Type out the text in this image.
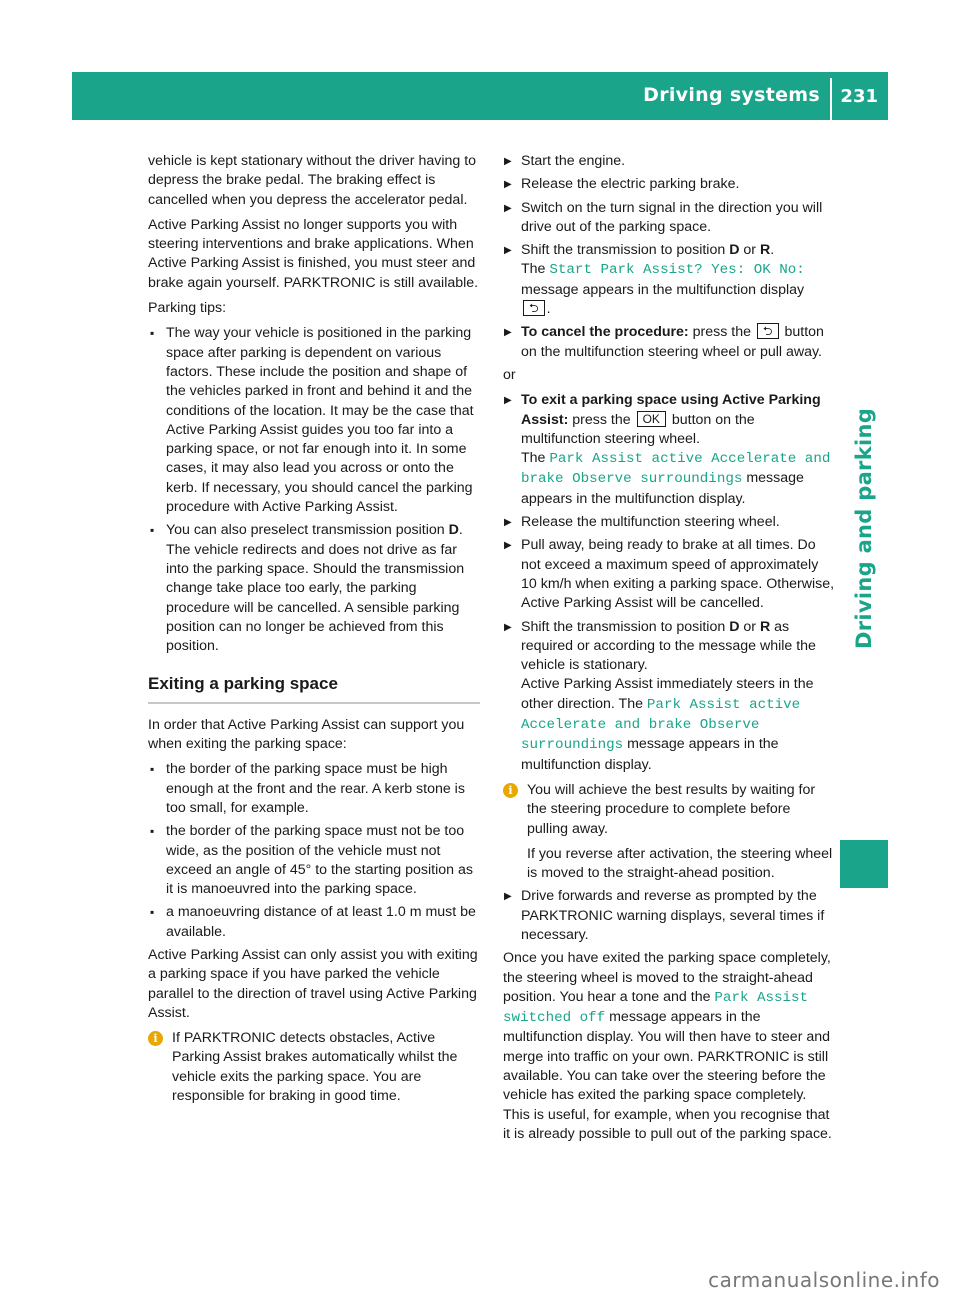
Driving systems 231
Driving and parking

vehicle is kept stationary without the driver having to depress the brake pedal. The braking effect is cancelled when you depress the accelerator pedal.

Active Parking Assist no longer supports you with steering interventions and brake applications. When Active Parking Assist is finished, you must steer and brake again yourself. PARKTRONIC is still available.

Parking tips:

▪ The way your vehicle is positioned in the parking space after parking is dependent on various factors. These include the position and shape of the vehicles parked in front and behind it and the conditions of the location. It may be the case that Active Parking Assist guides you too far into a parking space, or not far enough into it. In some cases, it may also lead you across or onto the kerb. If necessary, you should cancel the parking procedure with Active Parking Assist.
▪ You can also preselect transmission position D. The vehicle redirects and does not drive as far into the parking space. Should the transmission change take place too early, the parking procedure will be cancelled. A sensible parking position can no longer be achieved from this position.
Exiting a parking space

In order that Active Parking Assist can support you when exiting the parking space:

▪ the border of the parking space must be high enough at the front and the rear. A kerb stone is too small, for example.
▪ the border of the parking space must not be too wide, as the position of the vehicle must not exceed an angle of 45° to the starting position as it is manoeuvred into the parking space.
▪ a manoeuvring distance of at least 1.0 m must be available.

Active Parking Assist can only assist you with exiting a parking space if you have parked the vehicle parallel to the direction of travel using Active Parking Assist.

i	If PARKTRONIC detects obstacles, Active Parking Assist brakes automatically whilst the vehicle exits the parking space. You are responsible for braking in good time.
▶ Start the engine.
▶ Release the electric parking brake.
▶ Switch on the turn signal in the direction you will drive out of the parking space.
▶ Shift the transmission to position D or R.
The Start Park Assist? Yes: OK No: message appears in the multifunction display
⮌ .
▶ To cancel the procedure: press the ⮌ button on the multifunction steering wheel or pull away.

or

▶ To exit a parking space using Active Parking Assist: press the OK button on the multifunction steering wheel.
The Park Assist active Accelerate and brake Observe surroundings message appears in the multifunction display.
▶ Release the multifunction steering wheel.
▶ Pull away, being ready to brake at all times. Do not exceed a maximum speed of approximately 10 km/h when exiting a parking space. Otherwise, Active Parking Assist will be cancelled.
▶ Shift the transmission to position D or R as required or according to the message while the vehicle is stationary.
Active Parking Assist immediately steers in the other direction. The Park Assist active Accelerate and brake Observe surroundings message appears in the multifunction display.
i	You will achieve the best results by waiting for the steering procedure to complete before pulling away.
If you reverse after activation, the steering wheel is moved to the straight-ahead position.
▶ Drive forwards and reverse as prompted by the PARKTRONIC warning displays, several times if necessary.

Once you have exited the parking space completely, the steering wheel is moved to the straight-ahead position. You hear a tone and the Park Assist switched off message appears in the multifunction display. You will then have to steer and merge into traffic on your own. PARKTRONIC is still available. You can take over the steering before the vehicle has exited the parking space completely. This is useful, for example, when you recognise that it is already possible to pull out of the parking space.

carmanualsonline.info
